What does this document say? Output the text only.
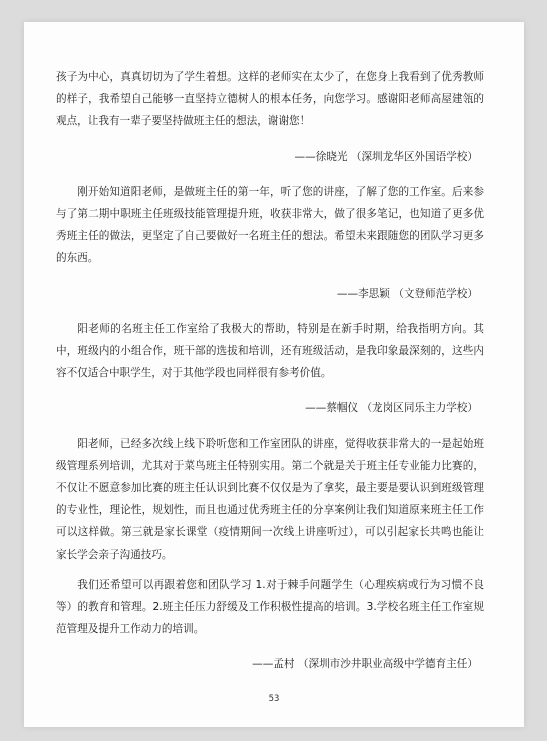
孩子为中心，真真切切为了学生着想。这样的老师实在太少了，在您身上我看到了优秀教师的样子，我希望自己能够一直坚持立德树人的根本任务，向您学习。感谢阳老师高屋建瓴的观点，让我有一辈子要坚持做班主任的想法，谢谢您！

——徐晓光 （深圳龙华区外国语学校）

刚开始知道阳老师，是做班主任的第一年，听了您的讲座，了解了您的工作室。后来参与了第二期中职班主任班级技能管理提升班，收获非常大，做了很多笔记，也知道了更多优秀班主任的做法，更坚定了自己要做好一名班主任的想法。希望未来跟随您的团队学习更多的东西。

——李思颖 （文登师范学校）

阳老师的名班主任工作室给了我极大的帮助，特别是在新手时期，给我指明方向。其中，班级内的小组合作，班干部的选拔和培训，还有班级活动，是我印象最深刻的，这些内容不仅适合中职学生，对于其他学段也同样很有参考价值。

——蔡帼仪 （龙岗区同乐主力学校）

阳老师，已经多次线上线下聆听您和工作室团队的讲座，觉得收获非常大的一是起始班级管理系列培训，尤其对于菜鸟班主任特别实用。第二个就是关于班主任专业能力比赛的，不仅让不愿意参加比赛的班主任认识到比赛不仅仅是为了拿奖，最主要是要认识到班级管理的专业性，理论性，规划性，而且也通过优秀班主任的分享案例让我们知道原来班主任工作可以这样做。第三就是家长课堂（疫情期间一次线上讲座听过），可以引起家长共鸣也能让家长学会亲子沟通技巧。

我们还希望可以再跟着您和团队学习 1.对于棘手问题学生（心理疾病或行为习惯不良等）的教育和管理。2.班主任压力舒缓及工作积极性提高的培训。3.学校名班主任工作室规范管理及提升工作动力的培训。

——孟村 （深圳市沙井职业高级中学德育主任）
53
